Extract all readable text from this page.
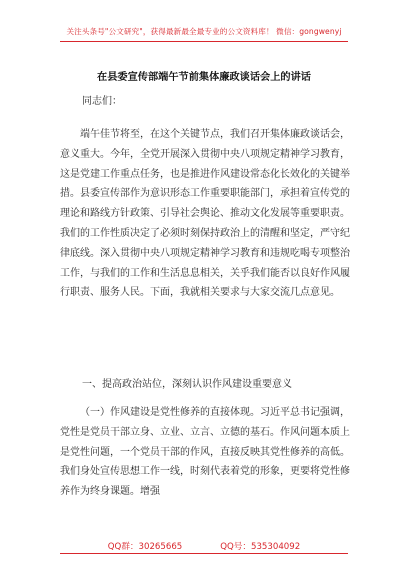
关注头条号"公文研究"，获得最新最全最专业的公文资料库！ 微信：gongwenyj
在县委宣传部端午节前集体廉政谈话会上的讲话
同志们：
端午佳节将至，在这个关键节点，我们召开集体廉政谈话会，意义重大。今年，全党开展深入贯彻中央八项规定精神学习教育，这是党建工作重点任务，也是推进作风建设常态化长效化的关键举措。县委宣传部作为意识形态工作重要职能部门，承担着宣传党的理论和路线方针政策、引导社会舆论、推动文化发展等重要职责。我们的工作性质决定了必须时刻保持政治上的清醒和坚定，严守纪律底线。深入贯彻中央八项规定精神学习教育和违规吃喝专项整治工作，与我们的工作和生活息息相关，关乎我们能否以良好作风履行职责、服务人民。下面，我就相关要求与大家交流几点意见。
一、提高政治站位，深刻认识作风建设重要意义
（一）作风建设是党性修养的直接体现。习近平总书记强调，党性是党员干部立身、立业、立言、立德的基石。作风问题本质上是党性问题，一个党员干部的作风，直接反映其党性修养的高低。我们身处宣传思想工作一线，时刻代表着党的形象，更要将党性修养作为终身课题。增强
QQ群：30265665	QQ号：535304092
